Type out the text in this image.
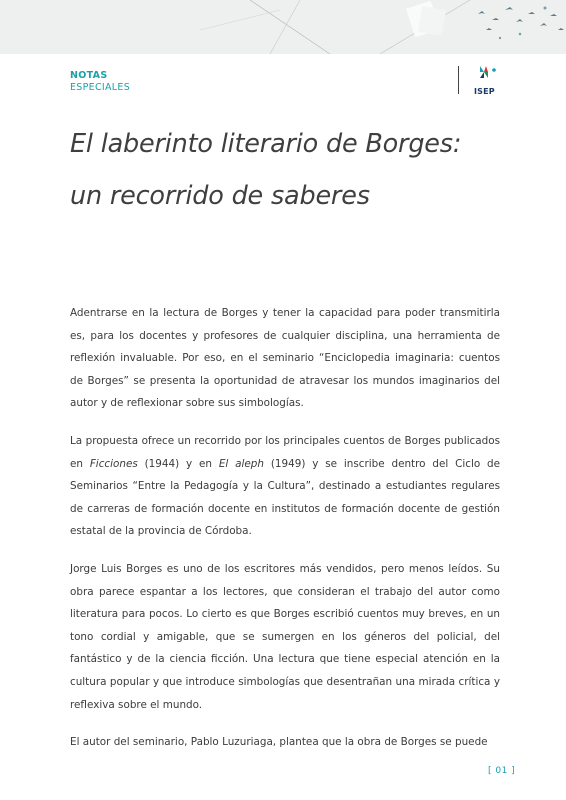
NOTAS
ESPECIALES	ISEP
El laberinto literario de Borges: un recorrido de saberes

Adentrarse en la lectura de Borges y tener la capacidad para poder transmitirla es, para los docentes y profesores de cualquier disciplina, una herramienta de reflexión invaluable. Por eso, en el seminario “Enciclopedia imaginaria: cuentos de Borges” se presenta la oportunidad de atravesar los mundos imaginarios del autor y de reflexionar sobre sus simbologías.

La propuesta ofrece un recorrido por los principales cuentos de Borges publicados en Ficciones (1944) y en El aleph (1949) y se inscribe dentro del Ciclo de Seminarios “Entre la Pedagogía y la Cultura”, destinado a estudiantes regulares de carreras de formación docente en institutos de formación docente de gestión estatal de la provincia de Córdoba.

Jorge Luis Borges es uno de los escritores más vendidos, pero menos leídos. Su obra parece espantar a los lectores, que consideran el trabajo del autor como literatura para pocos. Lo cierto es que Borges escribió cuentos muy breves, en un tono cordial y amigable, que se sumergen en los géneros del policial, del fantástico y de la ciencia ficción. Una lectura que tiene especial atención en la cultura popular y que introduce simbologías que desentrañan una mirada crítica y reflexiva sobre el mundo.

El autor del seminario, Pablo Luzuriaga, plantea que la obra de Borges se puede

[ 01 ]
